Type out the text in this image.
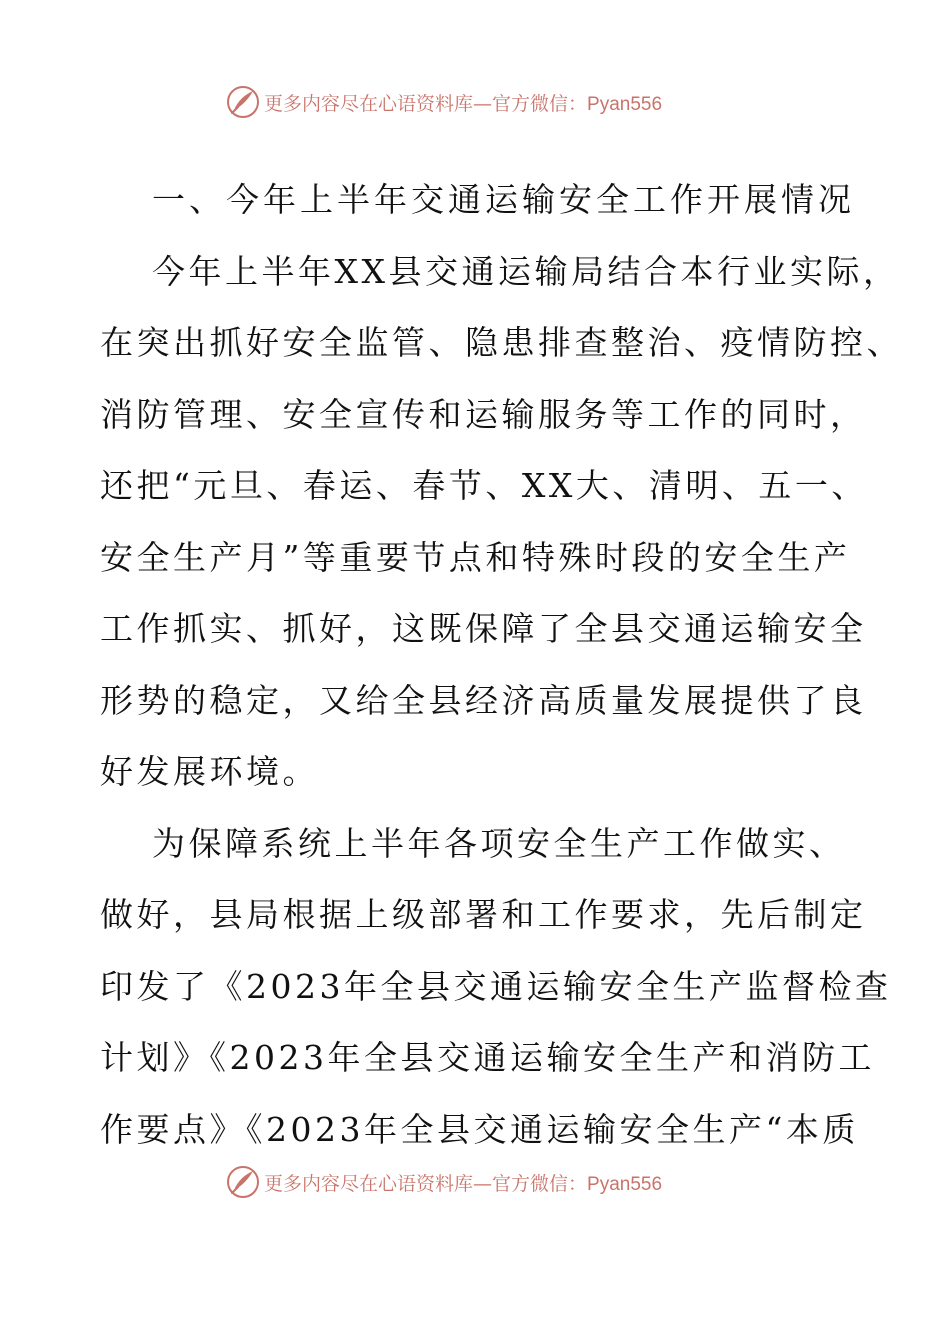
更多内容尽在心语资料库—官方微信：Pyan556
一、今年上半年交通运输安全工作开展情况
今年上半年XX县交通运输局结合本行业实际，
在突出抓好安全监管、隐患排查整治、疫情防控、
消防管理、安全宣传和运输服务等工作的同时，
还把“元旦、春运、春节、XX大、清明、五一、
安全生产月”等重要节点和特殊时段的安全生产
工作抓实、抓好，这既保障了全县交通运输安全
形势的稳定，又给全县经济高质量发展提供了良
好发展环境。
为保障系统上半年各项安全生产工作做实、
做好，县局根据上级部署和工作要求，先后制定
印发了《2023年全县交通运输安全生产监督检查
计划》《2023年全县交通运输安全生产和消防工
作要点》《2023年全县交通运输安全生产“本质
更多内容尽在心语资料库—官方微信：Pyan556
